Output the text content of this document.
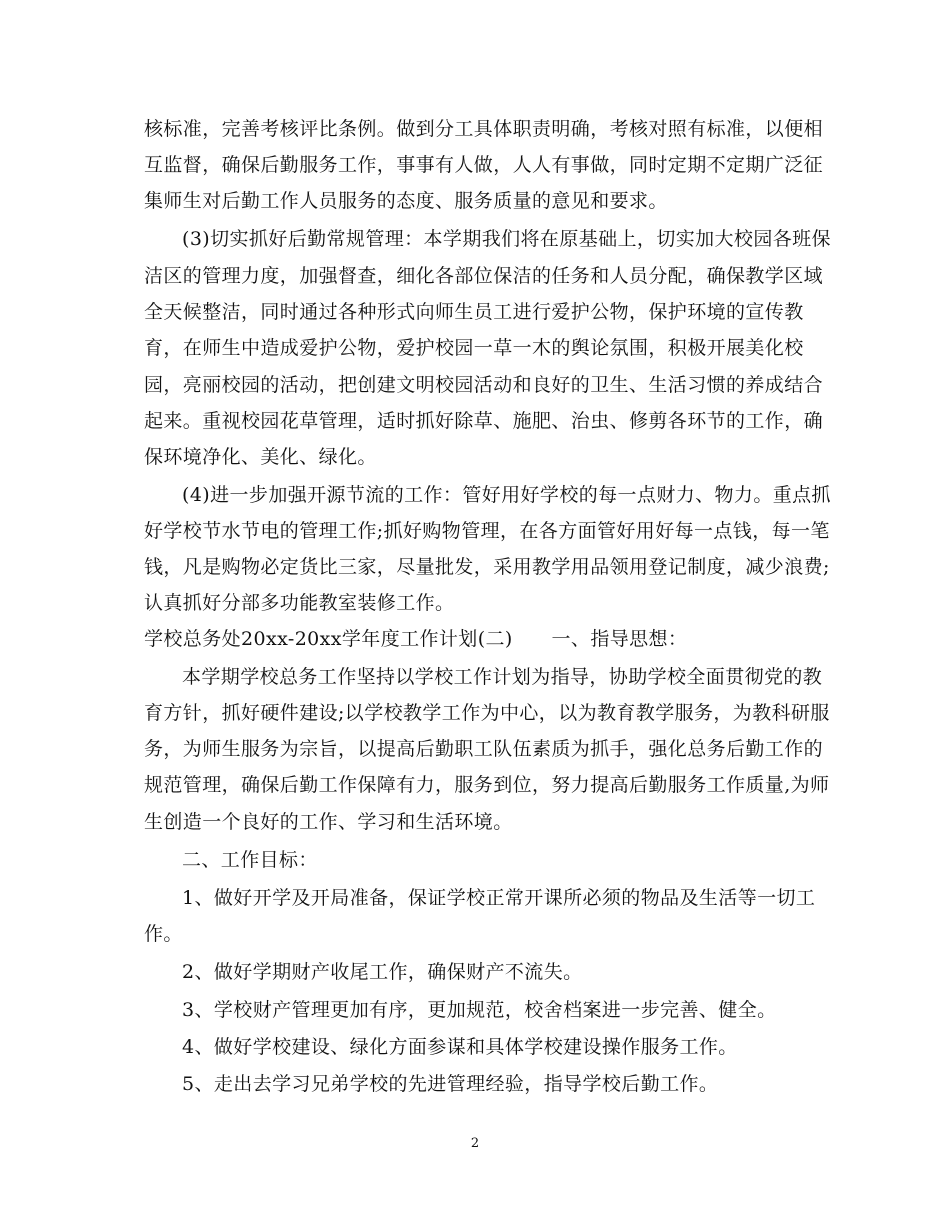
核标准，完善考核评比条例。做到分工具体职责明确，考核对照有标准，以便相
互监督，确保后勤服务工作，事事有人做，人人有事做，同时定期不定期广泛征
集师生对后勤工作人员服务的态度、服务质量的意见和要求。
(3)切实抓好后勤常规管理：本学期我们将在原基础上，切实加大校园各班保
洁区的管理力度，加强督查，细化各部位保洁的任务和人员分配，确保教学区域
全天候整洁，同时通过各种形式向师生员工进行爱护公物，保护环境的宣传教
育，在师生中造成爱护公物，爱护校园一草一木的舆论氛围，积极开展美化校
园，亮丽校园的活动，把创建文明校园活动和良好的卫生、生活习惯的养成结合
起来。重视校园花草管理，适时抓好除草、施肥、治虫、修剪各环节的工作，确
保环境净化、美化、绿化。
(4)进一步加强开源节流的工作：管好用好学校的每一点财力、物力。重点抓
好学校节水节电的管理工作;抓好购物管理，在各方面管好用好每一点钱，每一笔
钱，凡是购物必定货比三家，尽量批发，采用教学用品领用登记制度，减少浪费;
认真抓好分部多功能教室装修工作。
学校总务处20xx-20xx学年度工作计划(二)　　一、指导思想：
本学期学校总务工作坚持以学校工作计划为指导，协助学校全面贯彻党的教
育方针，抓好硬件建设;以学校教学工作为中心，以为教育教学服务，为教科研服
务，为师生服务为宗旨，以提高后勤职工队伍素质为抓手，强化总务后勤工作的
规范管理，确保后勤工作保障有力，服务到位，努力提高后勤服务工作质量,为师
生创造一个良好的工作、学习和生活环境。
二、工作目标：
1、做好开学及开局准备，保证学校正常开课所必须的物品及生活等一切工
作。
2、做好学期财产收尾工作，确保财产不流失。
3、学校财产管理更加有序，更加规范，校舍档案进一步完善、健全。
4、做好学校建设、绿化方面参谋和具体学校建设操作服务工作。
5、走出去学习兄弟学校的先进管理经验，指导学校后勤工作。
2
